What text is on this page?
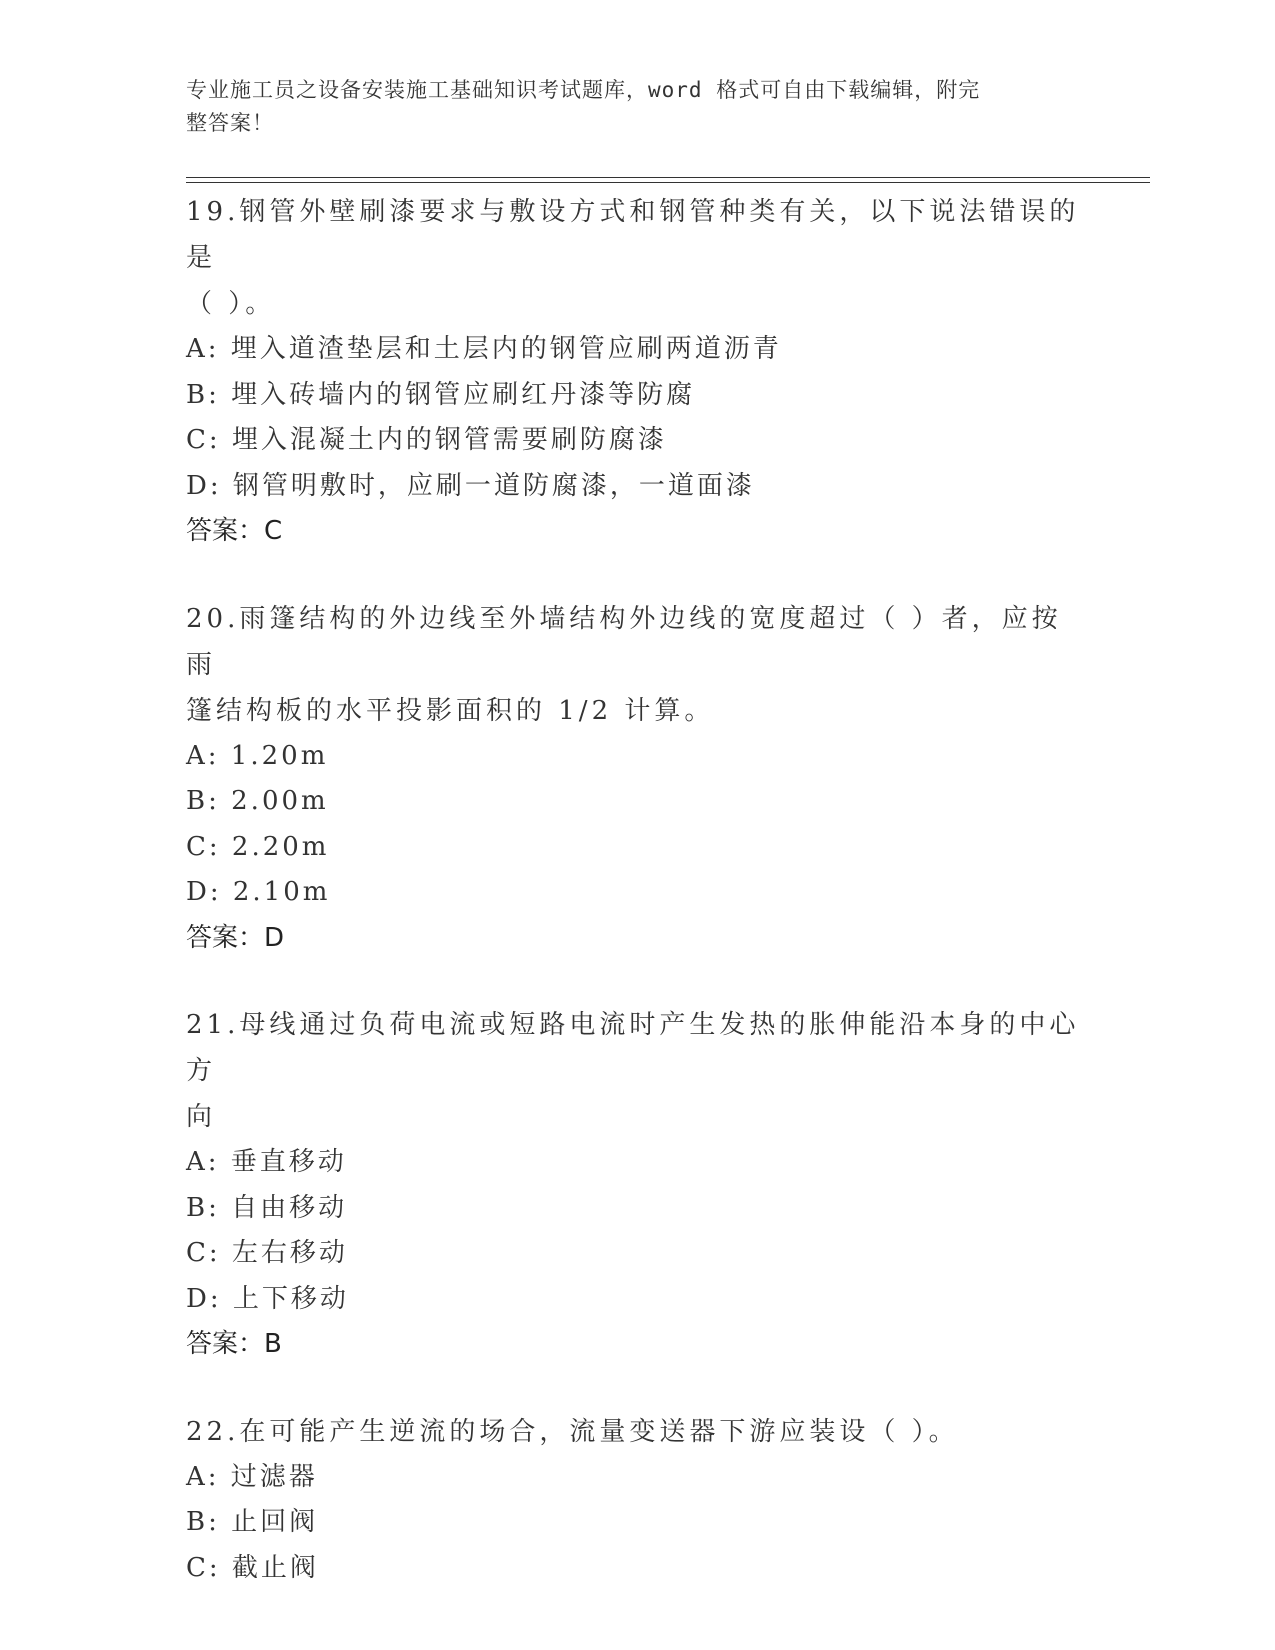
专业施工员之设备安装施工基础知识考试题库，word 格式可自由下载编辑，附完
整答案！

19.钢管外壁刷漆要求与敷设方式和钢管种类有关，以下说法错误的是

（ ）。

A: 埋入道渣垫层和土层内的钢管应刷两道沥青

B: 埋入砖墙内的钢管应刷红丹漆等防腐

C: 埋入混凝土内的钢管需要刷防腐漆

D: 钢管明敷时，应刷一道防腐漆，一道面漆

答案：C

20.雨篷结构的外边线至外墙结构外边线的宽度超过（ ）者，应按雨

篷结构板的水平投影面积的 1/2 计算。

A: 1.20m

B: 2.00m

C: 2.20m

D: 2.10m

答案：D

21.母线通过负荷电流或短路电流时产生发热的胀伸能沿本身的中心方

向

A: 垂直移动

B: 自由移动

C: 左右移动

D: 上下移动

答案：B

22.在可能产生逆流的场合，流量变送器下游应装设（ ）。

A: 过滤器

B: 止回阀

C: 截止阀
